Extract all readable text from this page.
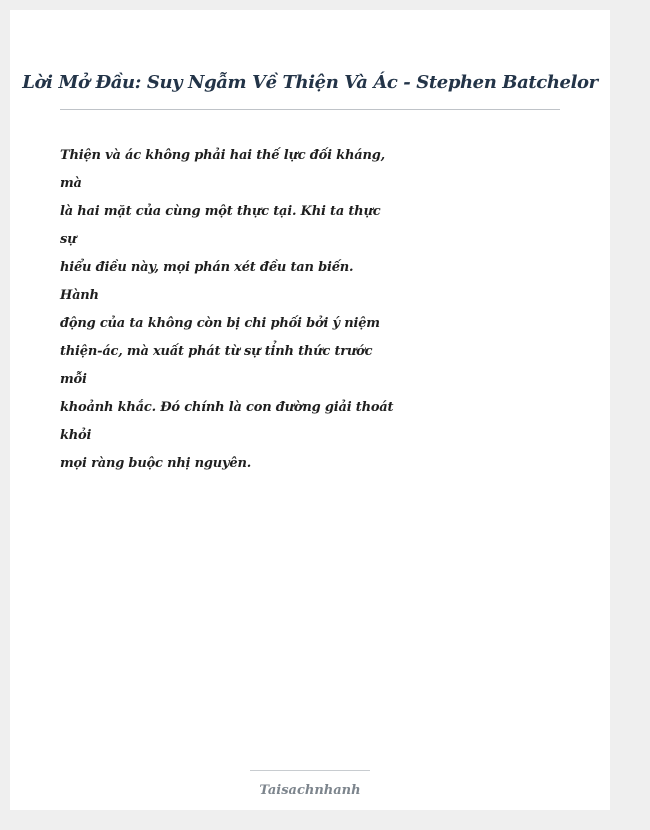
Lời Mở Đầu: Suy Ngẫm Về Thiện Và Ác - Stephen Batchelor
Thiện và ác không phải hai thế lực đối kháng,
mà
là hai mặt của cùng một thực tại. Khi ta thực
sự
hiểu điều này, mọi phán xét đều tan biến.
Hành
động của ta không còn bị chi phối bởi ý niệm
thiện-ác, mà xuất phát từ sự tỉnh thức trước
mỗi
khoảnh khắc. Đó chính là con đường giải thoát
khỏi
mọi ràng buộc nhị nguyên.
Taisachnhanh
